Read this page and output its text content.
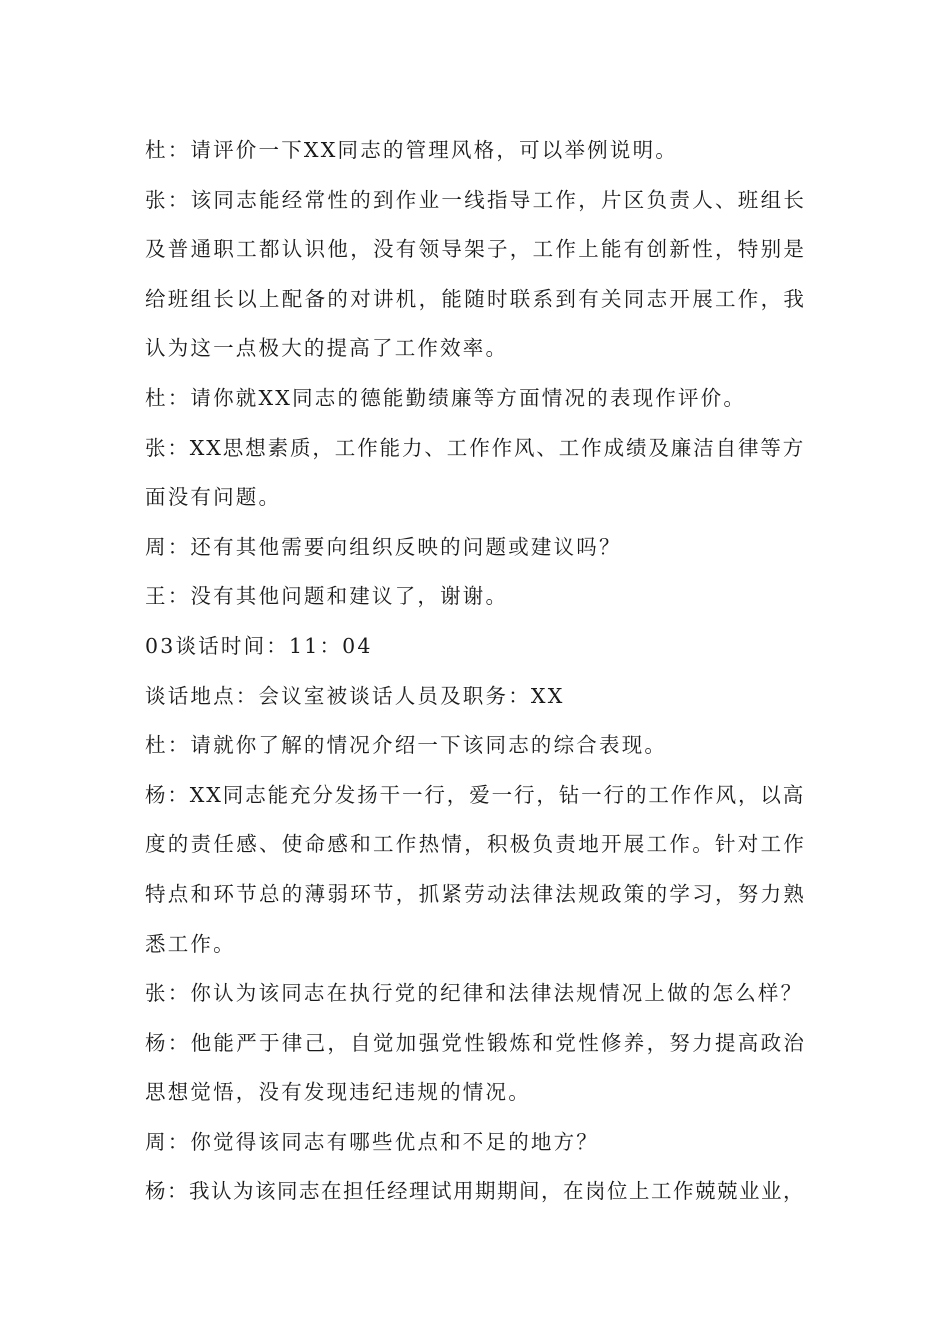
杜：请评价一下XX同志的管理风格，可以举例说明。
张：该同志能经常性的到作业一线指导工作，片区负责人、班组长
及普通职工都认识他，没有领导架子，工作上能有创新性，特别是
给班组长以上配备的对讲机，能随时联系到有关同志开展工作，我
认为这一点极大的提高了工作效率。
杜：请你就XX同志的德能勤绩廉等方面情况的表现作评价。
张：XX思想素质，工作能力、工作作风、工作成绩及廉洁自律等方
面没有问题。
周：还有其他需要向组织反映的问题或建议吗？
王：没有其他问题和建议了，谢谢。
03谈话时间：11：04
谈话地点：会议室被谈话人员及职务：XX
杜：请就你了解的情况介绍一下该同志的综合表现。
杨：XX同志能充分发扬干一行，爱一行，钻一行的工作作风，以高
度的责任感、使命感和工作热情，积极负责地开展工作。针对工作
特点和环节总的薄弱环节，抓紧劳动法律法规政策的学习，努力熟
悉工作。
张：你认为该同志在执行党的纪律和法律法规情况上做的怎么样？
杨：他能严于律己，自觉加强党性锻炼和党性修养，努力提高政治
思想觉悟，没有发现违纪违规的情况。
周：你觉得该同志有哪些优点和不足的地方？
杨：我认为该同志在担任经理试用期期间，在岗位上工作兢兢业业，
